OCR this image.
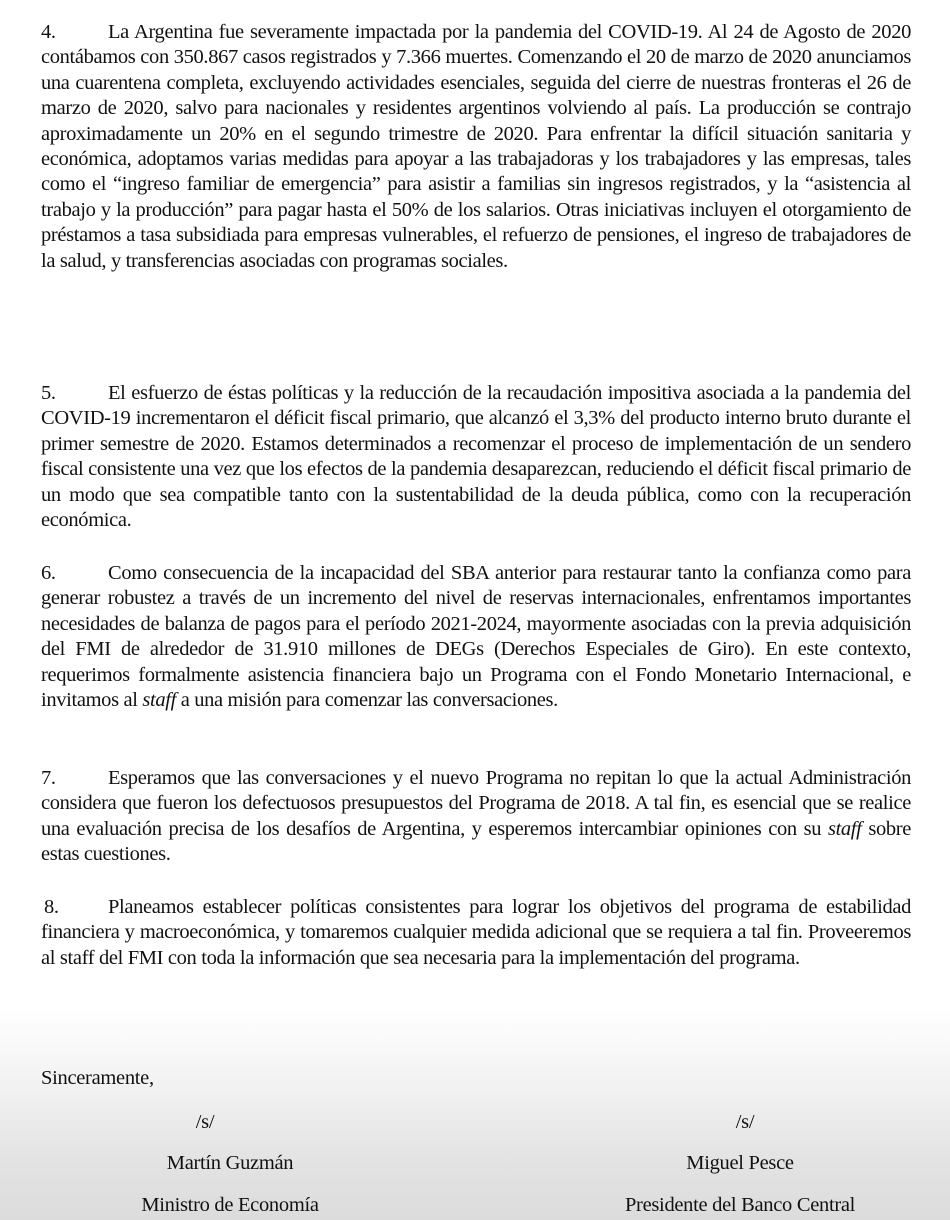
4.	La Argentina fue severamente impactada por la pandemia del COVID-19. Al 24 de Agosto de 2020 contábamos con 350.867 casos registrados y 7.366 muertes. Comenzando el 20 de marzo de 2020 anunciamos una cuarentena completa, excluyendo actividades esenciales, seguida del cierre de nuestras fronteras el 26 de marzo de 2020, salvo para nacionales y residentes argentinos volviendo al país. La producción se contrajo aproximadamente un 20% en el segundo trimestre de 2020. Para enfrentar la difícil situación sanitaria y económica, adoptamos varias medidas para apoyar a las trabajadoras y los trabajadores y las empresas, tales como el “ingreso familiar de emergencia” para asistir a familias sin ingresos registrados, y la “asistencia al trabajo y la producción” para pagar hasta el 50% de los salarios. Otras iniciativas incluyen el otorgamiento de préstamos a tasa subsidiada para empresas vulnerables, el refuerzo de pensiones, el ingreso de trabajadores de la salud, y transferencias asociadas con programas sociales.

5.	El esfuerzo de éstas políticas y la reducción de la recaudación impositiva asociada a la pandemia del COVID-19 incrementaron el déficit fiscal primario, que alcanzó el 3,3% del producto interno bruto durante el primer semestre de 2020. Estamos determinados a recomenzar el proceso de implementación de un sendero fiscal consistente una vez que los efectos de la pandemia desaparezcan, reduciendo el déficit fiscal primario de un modo que sea compatible tanto con la sustentabilidad de la deuda pública, como con la recuperación económica.

6.	Como consecuencia de la incapacidad del SBA anterior para restaurar tanto la confianza como para generar robustez a través de un incremento del nivel de reservas internacionales, enfrentamos importantes necesidades de balanza de pagos para el período 2021-2024, mayormente asociadas con la previa adquisición del FMI de alrededor de 31.910 millones de DEGs (Derechos Especiales de Giro). En este contexto, requerimos formalmente asistencia financiera bajo un Programa con el Fondo Monetario Internacional, e invitamos al staff a una misión para comenzar las conversaciones.

7.	Esperamos que las conversaciones y el nuevo Programa no repitan lo que la actual Administración considera que fueron los defectuosos presupuestos del Programa de 2018. A tal fin, es esencial que se realice una evaluación precisa de los desafíos de Argentina, y esperemos intercambiar opiniones con su staff sobre estas cuestiones.

8. Planeamos establecer políticas consistentes para lograr los objetivos del programa de estabilidad financiera y macroeconómica, y tomaremos cualquier medida adicional que se requiera a tal fin. Proveeremos al staff del FMI con toda la información que sea necesaria para la implementación del programa.

Sinceramente,
/s/
Martín Guzmán
Ministro de Economía
/s/
Miguel Pesce
Presidente del Banco Central
